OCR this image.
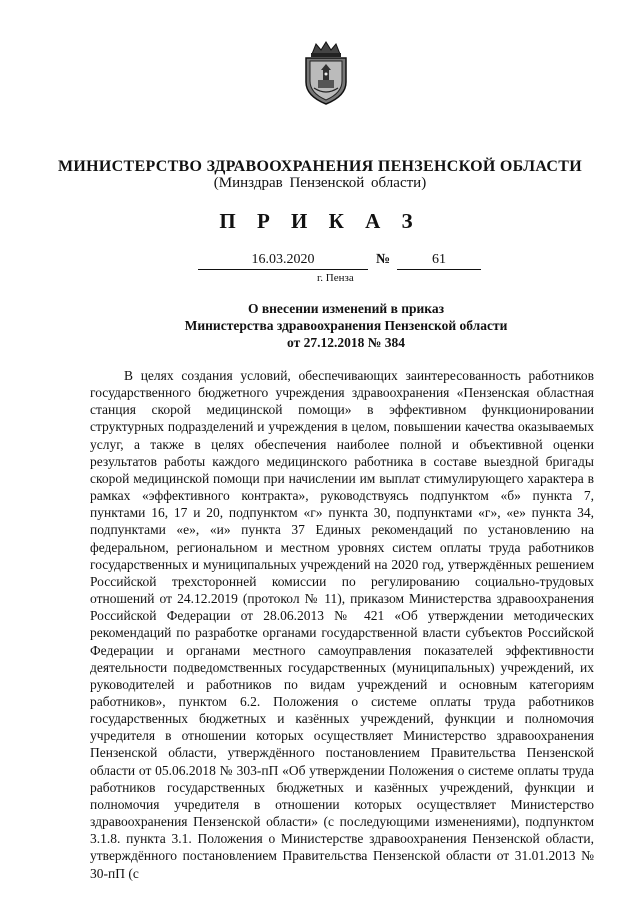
МИНИСТЕРСТВО ЗДРАВООХРАНЕНИЯ ПЕНЗЕНСКОЙ ОБЛАСТИ
(Минздрав Пензенской области)
П Р И К А З
16.03.2020	№	61
г. Пенза
О внесении изменений в приказ
Министерства здравоохранения Пензенской области
от 27.12.2018 № 384

В целях создания условий, обеспечивающих заинтересованность работников государственного бюджетного учреждения здравоохранения «Пензенская областная станция скорой медицинской помощи» в эффективном функционировании структурных подразделений и учреждения в целом, повышении качества оказываемых услуг, а также в целях обеспечения наиболее полной и объективной оценки результатов работы каждого медицинского работника в составе выездной бригады скорой медицинской помощи при начислении им выплат стимулирующего характера в рамках «эффективного контракта», руководствуясь подпунктом «б» пункта 7, пунктами 16, 17 и 20, подпунктом «г» пункта 30, подпунктами «г», «е» пункта 34, подпунктами «е», «и» пункта 37 Единых рекомендаций по установлению на федеральном, региональном и местном уровнях систем оплаты труда работников государственных и муниципальных учреждений на 2020 год, утверждённых решением Российской трехсторонней комиссии по регулированию социально-трудовых отношений от 24.12.2019 (протокол № 11), приказом Министерства здравоохранения Российской Федерации от 28.06.2013 № 421 «Об утверждении методических рекомендаций по разработке органами государственной власти субъектов Российской Федерации и органами местного самоуправления показателей эффективности деятельности подведомственных государственных (муниципальных) учреждений, их руководителей и работников по видам учреждений и основным категориям работников», пунктом 6.2. Положения о системе оплаты труда работников государственных бюджетных и казённых учреждений, функции и полномочия учредителя в отношении которых осуществляет Министерство здравоохранения Пензенской области, утверждённого постановлением Правительства Пензенской области от 05.06.2018 № 303-пП «Об утверждении Положения о системе оплаты труда работников государственных бюджетных и казённых учреждений, функции и полномочия учредителя в отношении которых осуществляет Министерство здравоохранения Пензенской области» (с последующими изменениями), подпунктом 3.1.8. пункта 3.1. Положения о Министерстве здравоохранения Пензенской области, утверждённого постановлением Правительства Пензенской области от 31.01.2013 № 30-пП (с
